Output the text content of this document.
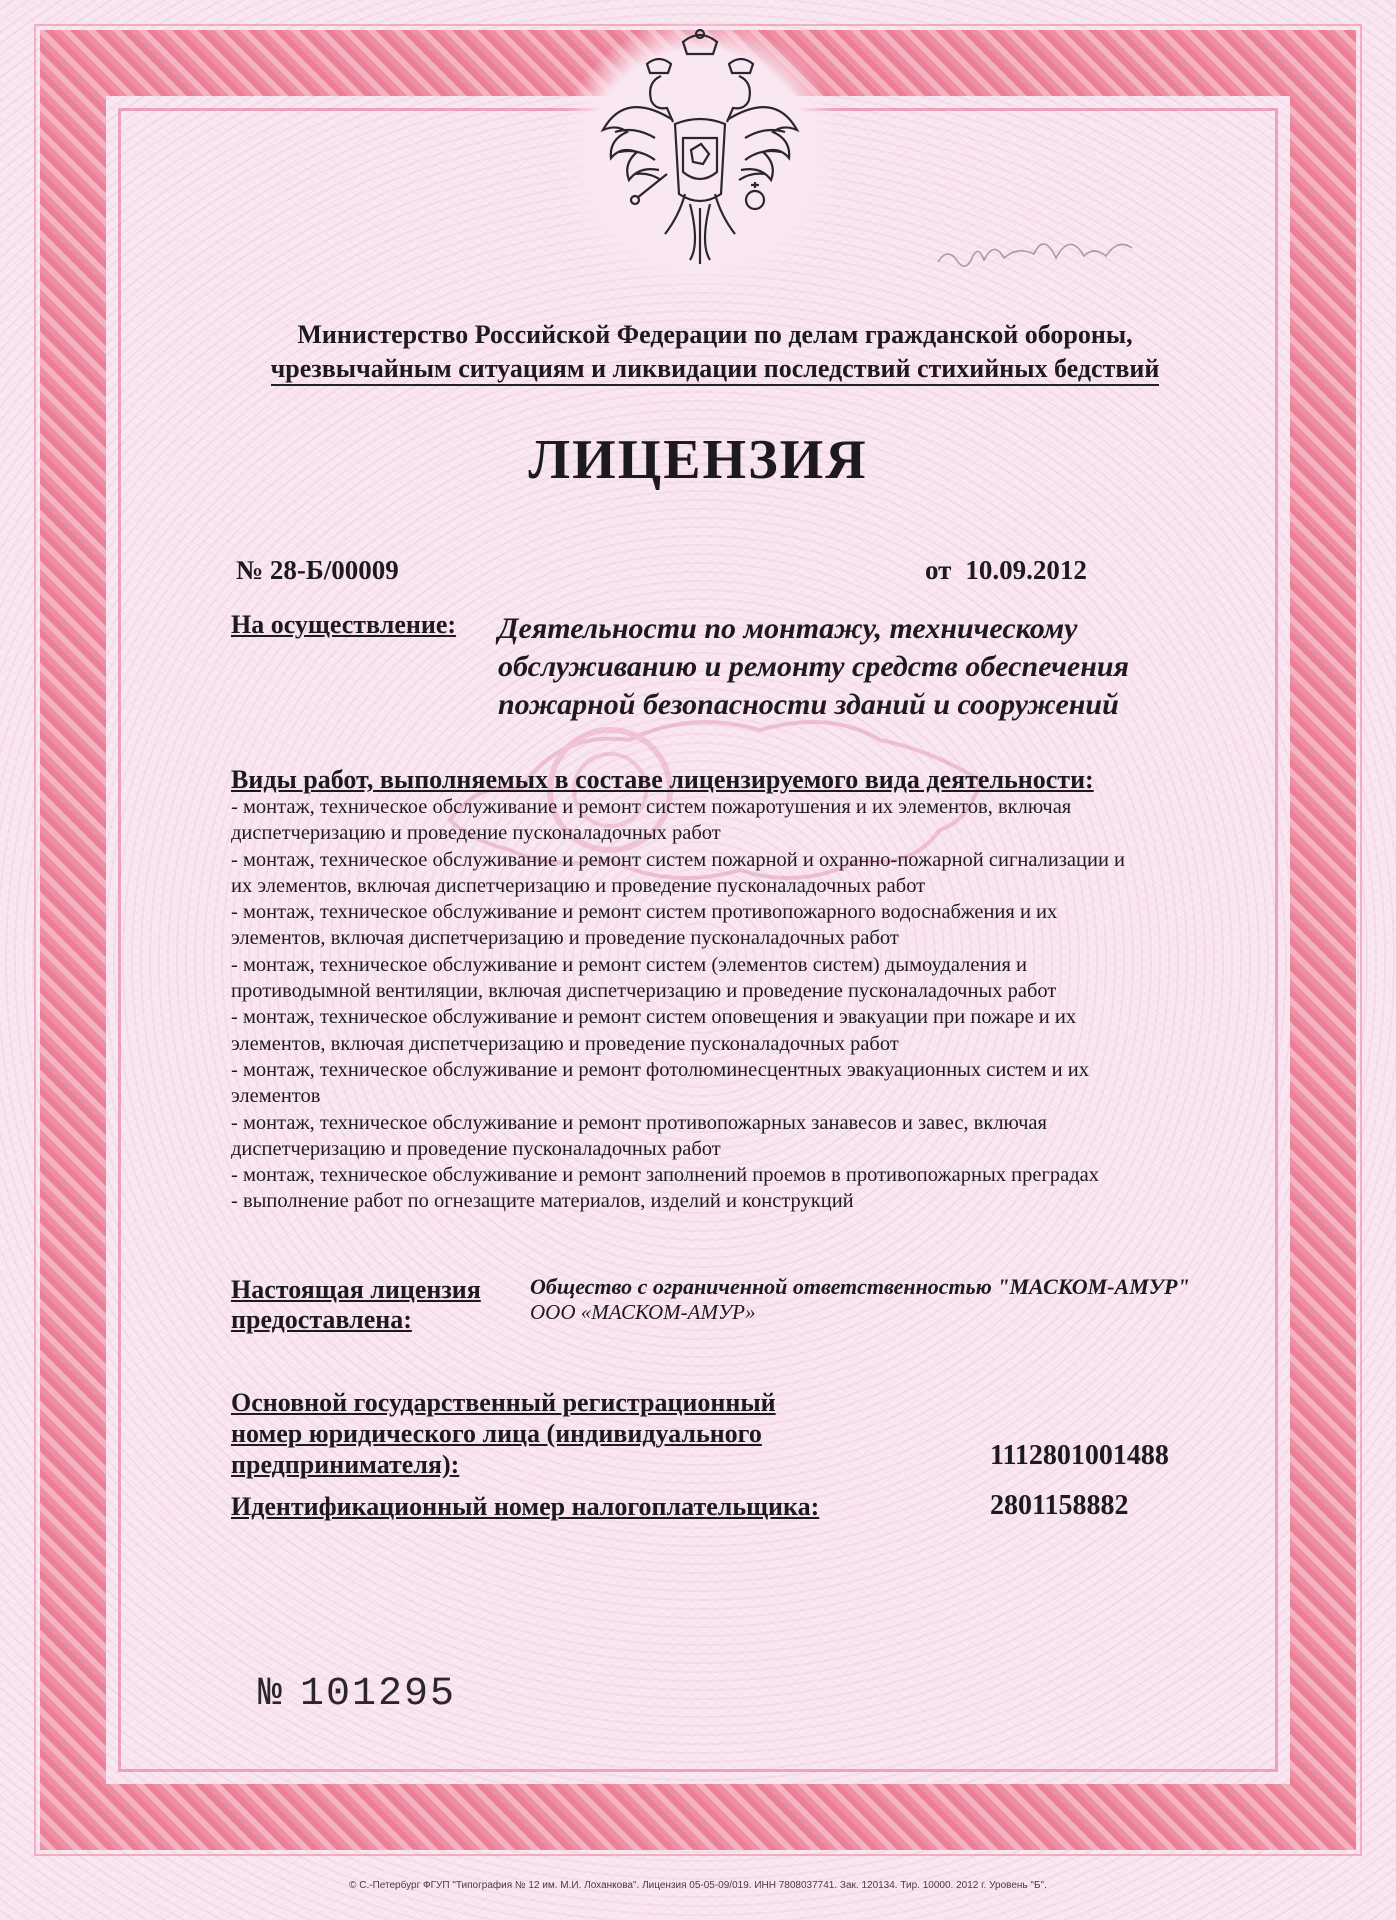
Министерство Российской Федерации по делам гражданской обороны,
чрезвычайным ситуациям и ликвидации последствий стихийных бедствий
ЛИЦЕНЗИЯ
№ 28-Б/00009	от 10.09.2012
На осуществление: Деятельности по монтажу, техническому
обслуживанию и ремонту средств обеспечения
пожарной безопасности зданий и сооружений
Виды работ, выполняемых в составе лицензируемого вида деятельности:
- монтаж, техническое обслуживание и ремонт систем пожаротушения и их элементов, включая
диспетчеризацию и проведение пусконаладочных работ
- монтаж, техническое обслуживание и ремонт систем пожарной и охранно-пожарной сигнализации и
их элементов, включая диспетчеризацию и проведение пусконаладочных работ
- монтаж, техническое обслуживание и ремонт систем противопожарного водоснабжения и их
элементов, включая диспетчеризацию и проведение пусконаладочных работ
- монтаж, техническое обслуживание и ремонт систем (элементов систем) дымоудаления и
противодымной вентиляции, включая диспетчеризацию и проведение пусконаладочных работ
- монтаж, техническое обслуживание и ремонт систем оповещения и эвакуации при пожаре и их
элементов, включая диспетчеризацию и проведение пусконаладочных работ
- монтаж, техническое обслуживание и ремонт фотолюминесцентных эвакуационных систем и их
элементов
- монтаж, техническое обслуживание и ремонт противопожарных занавесов и завес, включая
диспетчеризацию и проведение пусконаладочных работ
- монтаж, техническое обслуживание и ремонт заполнений проемов в противопожарных преградах
- выполнение работ по огнезащите материалов, изделий и конструкций
Настоящая лицензия
предоставлена:
Общество с ограниченной ответственностью "МАСКОМ-АМУР"
ООО «МАСКОМ-АМУР»
Основной государственный регистрационный
номер юридического лица (индивидуального
предпринимателя):	1112801001488
Идентификационный номер налогоплательщика:	2801158882
№ 101295
© С.-Петербург ФГУП "Типография № 12 им. М.И. Лоханкова". Лицензия 05-05-09/019. ИНН 7808037741. Зак. 120134. Тир. 10000. 2012 г. Уровень "Б".
